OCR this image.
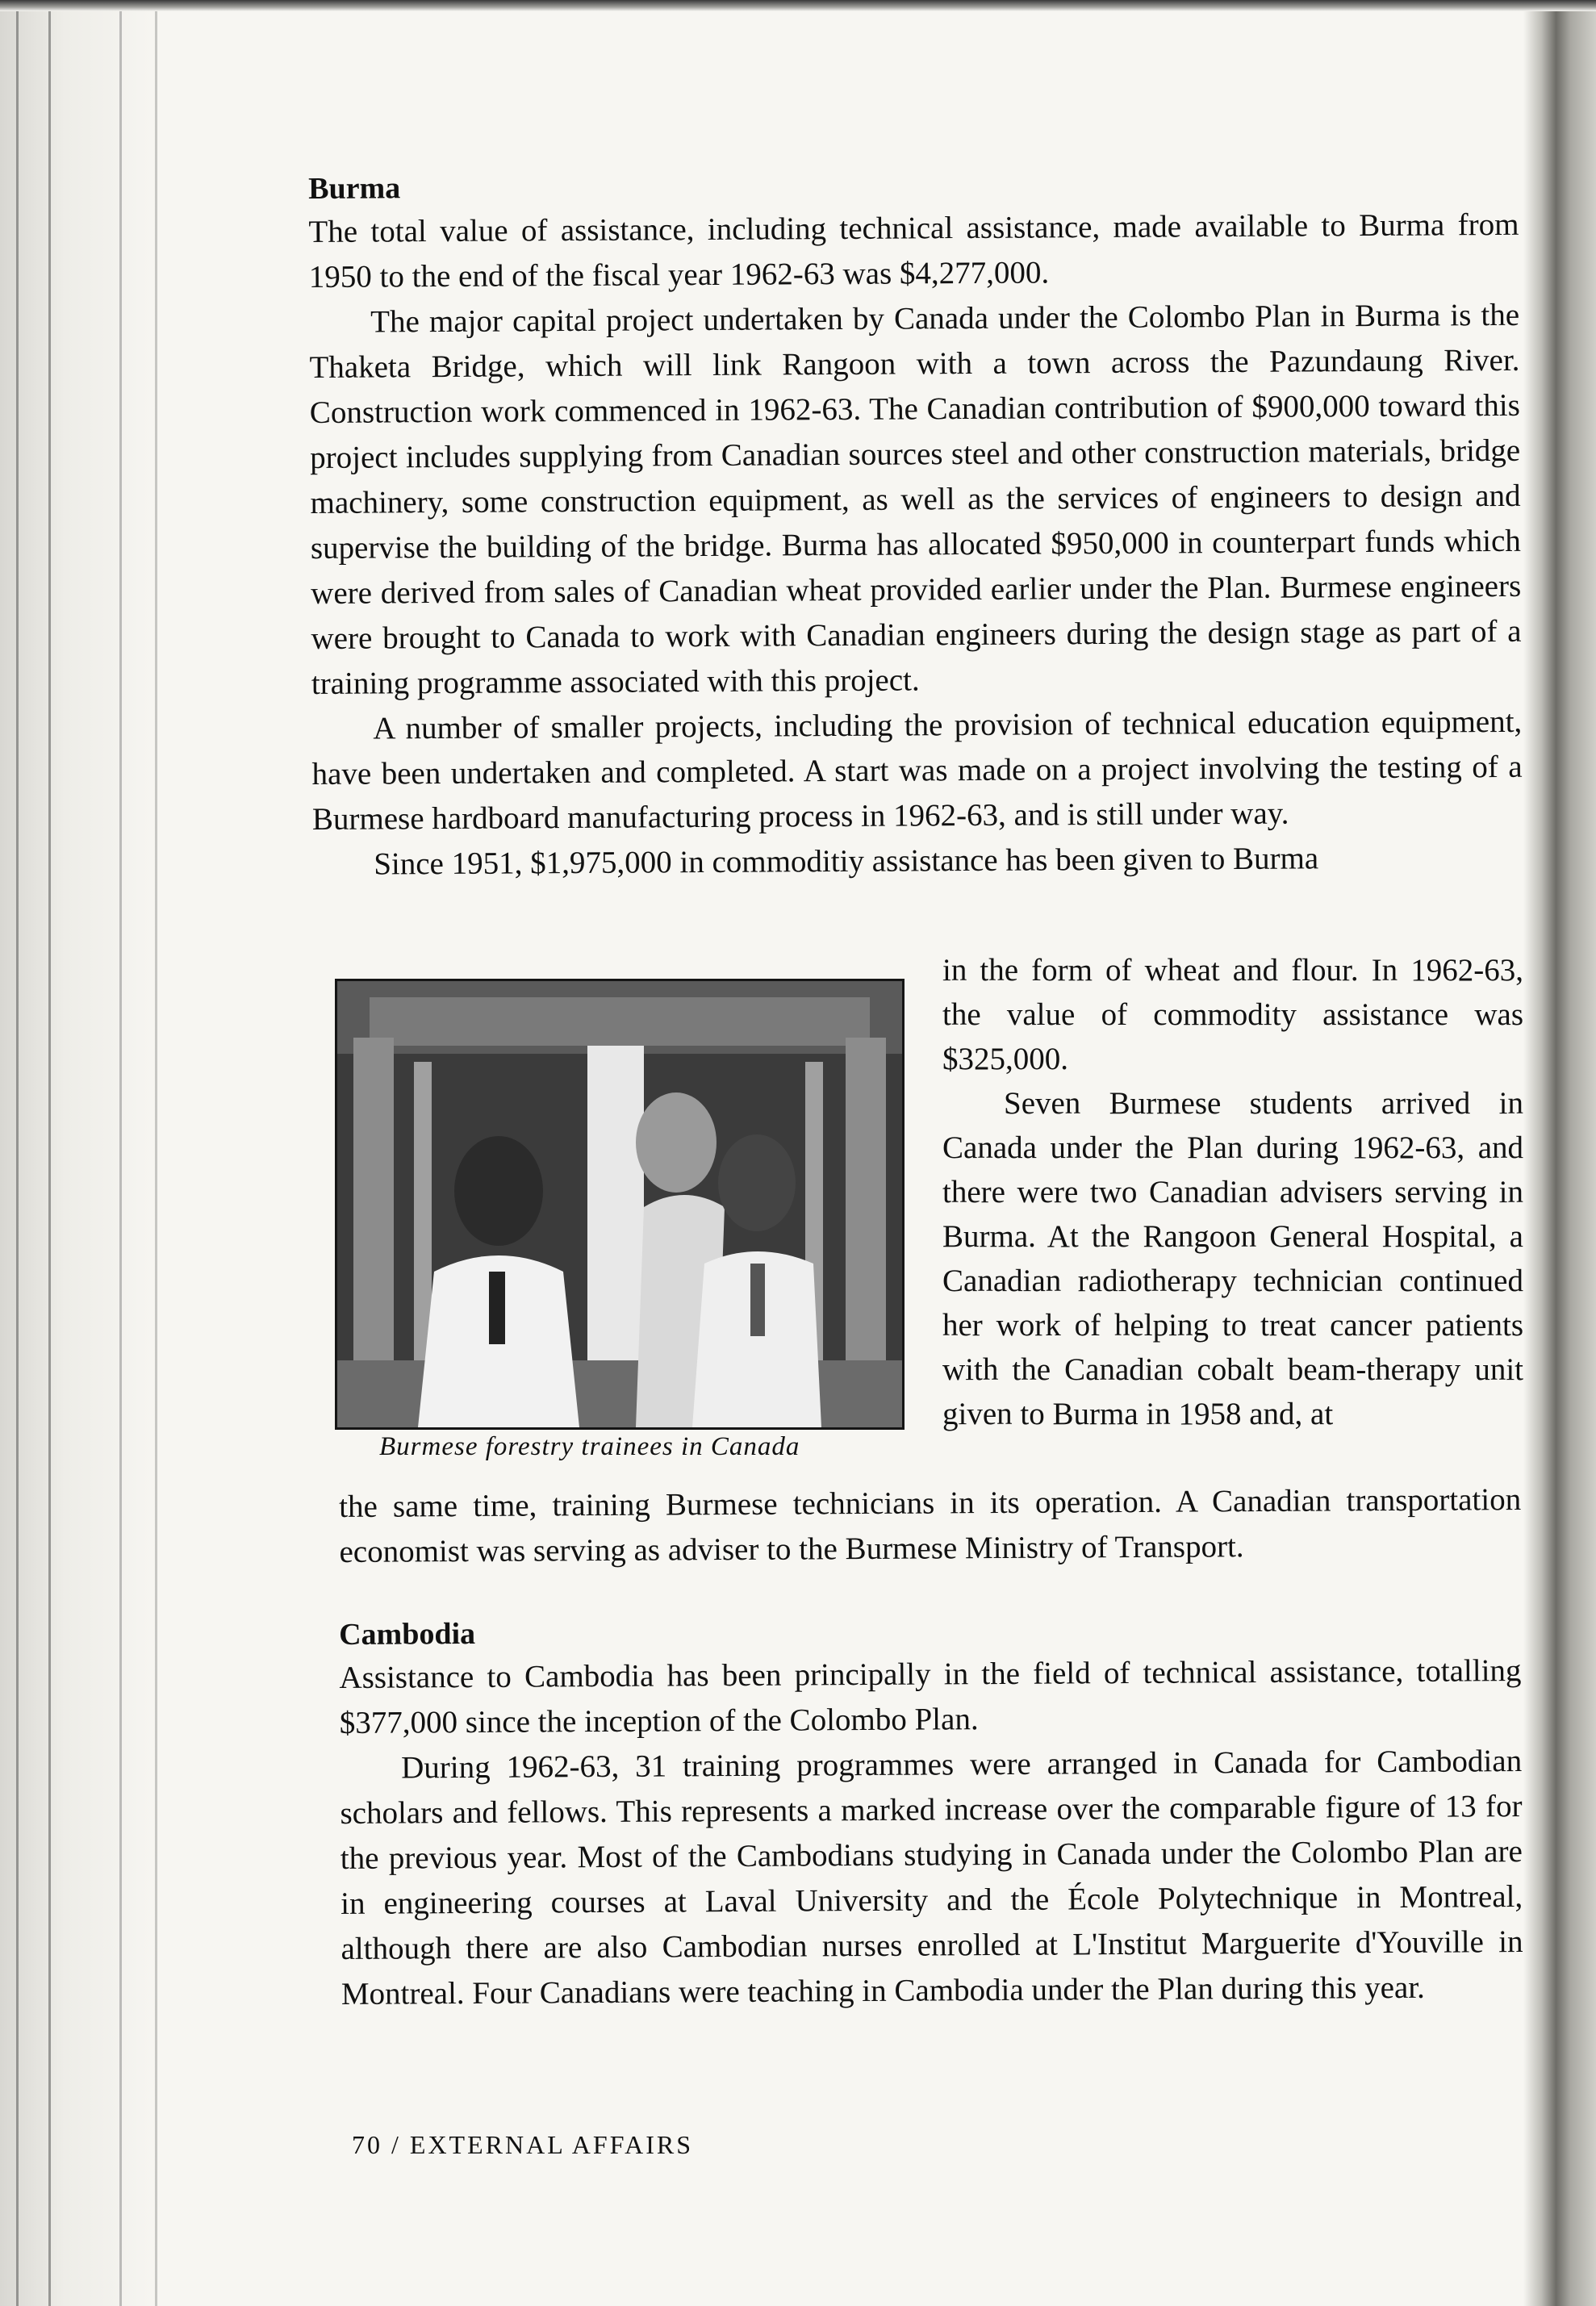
Burma

The total value of assistance, including technical assistance, made available to Burma from 1950 to the end of the fiscal year 1962-63 was $4,277,000.

The major capital project undertaken by Canada under the Colombo Plan in Burma is the Thaketa Bridge, which will link Rangoon with a town across the Pazundaung River. Construction work commenced in 1962-63. The Canadian contribution of $900,000 toward this project includes supplying from Canadian sources steel and other construction materials, bridge machinery, some construction equipment, as well as the services of engineers to design and supervise the building of the bridge. Burma has allocated $950,000 in counterpart funds which were derived from sales of Canadian wheat provided earlier under the Plan. Burmese engineers were brought to Canada to work with Canadian engineers during the design stage as part of a training programme associated with this project.

A number of smaller projects, including the provision of technical education equipment, have been undertaken and completed. A start was made on a project involving the testing of a Burmese hardboard manufacturing process in 1962-63, and is still under way.

Since 1951, $1,975,000 in commoditiy assistance has been given to Burma

Burmese forestry trainees in Canada

in the form of wheat and flour. In 1962-63, the value of commodity assistance was $325,000.

Seven Burmese students arrived in Canada under the Plan during 1962-63, and there were two Canadian advisers serving in Burma. At the Rangoon General Hospital, a Canadian radiotherapy technician continued her work of helping to treat cancer patients with the Canadian cobalt beam-therapy unit given to Burma in 1958 and, at

the same time, training Burmese technicians in its operation. A Canadian transportation economist was serving as adviser to the Burmese Ministry of Transport.

Cambodia

Assistance to Cambodia has been principally in the field of technical assistance, totalling $377,000 since the inception of the Colombo Plan.

During 1962-63, 31 training programmes were arranged in Canada for Cambodian scholars and fellows. This represents a marked increase over the comparable figure of 13 for the previous year. Most of the Cambodians studying in Canada under the Colombo Plan are in engineering courses at Laval University and the École Polytechnique in Montreal, although there are also Cambodian nurses enrolled at L'Institut Marguerite d'Youville in Montreal. Four Canadians were teaching in Cambodia under the Plan during this year.

70 / EXTERNAL AFFAIRS
